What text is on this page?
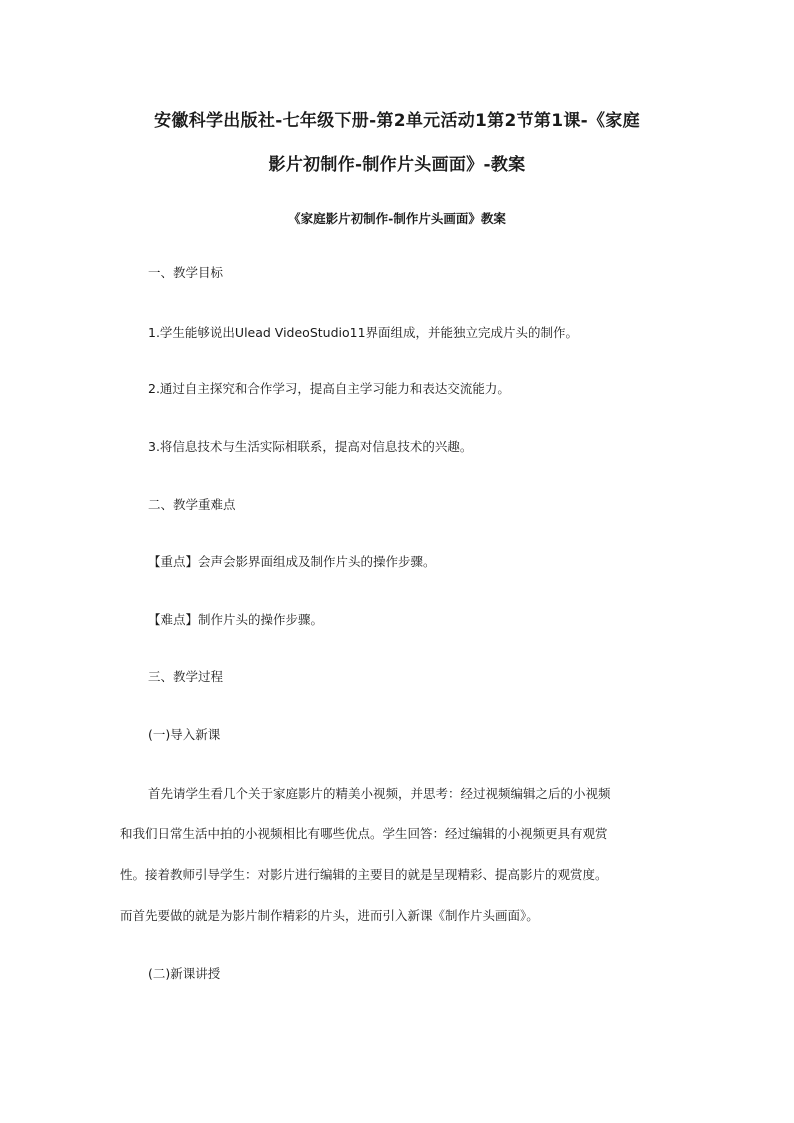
安徽科学出版社-七年级下册-第2单元活动1第2节第1课-《家庭
影片初制作-制作片头画面》-教案
《家庭影片初制作-制作片头画面》教案
一、教学目标
1.学生能够说出Ulead VideoStudio11界面组成，并能独立完成片头的制作。
2.通过自主探究和合作学习，提高自主学习能力和表达交流能力。
3.将信息技术与生活实际相联系，提高对信息技术的兴趣。
二、教学重难点
【重点】会声会影界面组成及制作片头的操作步骤。
【难点】制作片头的操作步骤。
三、教学过程
(一)导入新课
首先请学生看几个关于家庭影片的精美小视频，并思考：经过视频编辑之后的小视频
和我们日常生活中拍的小视频相比有哪些优点。学生回答：经过编辑的小视频更具有观赏
性。接着教师引导学生：对影片进行编辑的主要目的就是呈现精彩、提高影片的观赏度。
而首先要做的就是为影片制作精彩的片头，进而引入新课《制作片头画面》。
(二)新课讲授
